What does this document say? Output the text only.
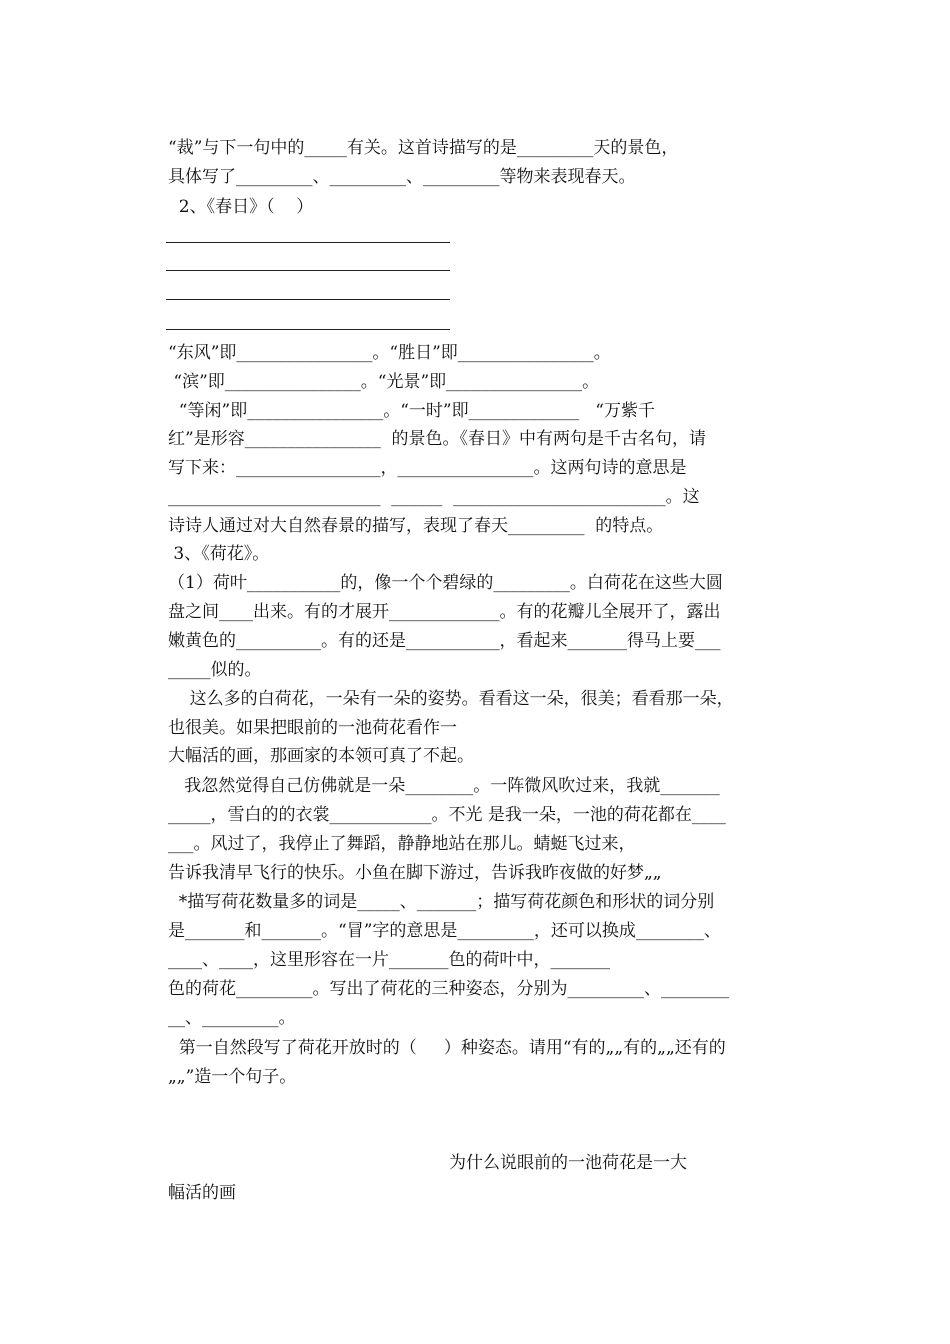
“裁”与下一句中的_____有关。这首诗描写的是_________天的景色，
具体写了_________、_________、_________等物来表现春天。
2、《春日》（    ）
“东风”即________________。“胜日”即________________。
“滨”即________________。“光景”即________________。
“等闲”即________________。“一时”即_____________   “万紫千
红”是形容________________  的景色。《春日》中有两句是千古名句，请
写下来：_________________，________________。这两句诗的意思是
_________________________  ______  _________________________。这
诗诗人通过对大自然春景的描写，表现了春天_________  的特点。
3、《荷花》。
（1）荷叶___________的，像一个个碧绿的_________。白荷花在这些大圆
盘之间____出来。有的才展开_____________。有的花瓣儿全展开了，露出
嫩黄色的__________。有的还是___________，看起来_______得马上要___
_____似的。
这么多的白荷花，一朵有一朵的姿势。看看这一朵，很美；看看那一朵，
也很美。如果把眼前的一池荷花看作一
大幅活的画，那画家的本领可真了不起。
我忽然觉得自己仿佛就是一朵________。一阵微风吹过来，我就_______
_____，雪白的的衣裳____________。不光 是我一朵，一池的荷花都在____
___。风过了，我停止了舞蹈，静静地站在那儿。蜻蜓飞过来，
告诉我清早飞行的快乐。小鱼在脚下游过，告诉我昨夜做的好梦„„
*描写荷花数量多的词是_____、_______；描写荷花颜色和形状的词分别
是_______和_______。“冒”字的意思是_________，还可以换成________、
____、____，这里形容在一片_______色的荷叶中，_______
色的荷花_________。写出了荷花的三种姿态，分别为_________、________
__、_________。
第一自然段写了荷花开放时的（     ）种姿态。请用“有的„„有的„„还有的
„„”造一个句子。
为什么说眼前的一池荷花是一大
幅活的画
